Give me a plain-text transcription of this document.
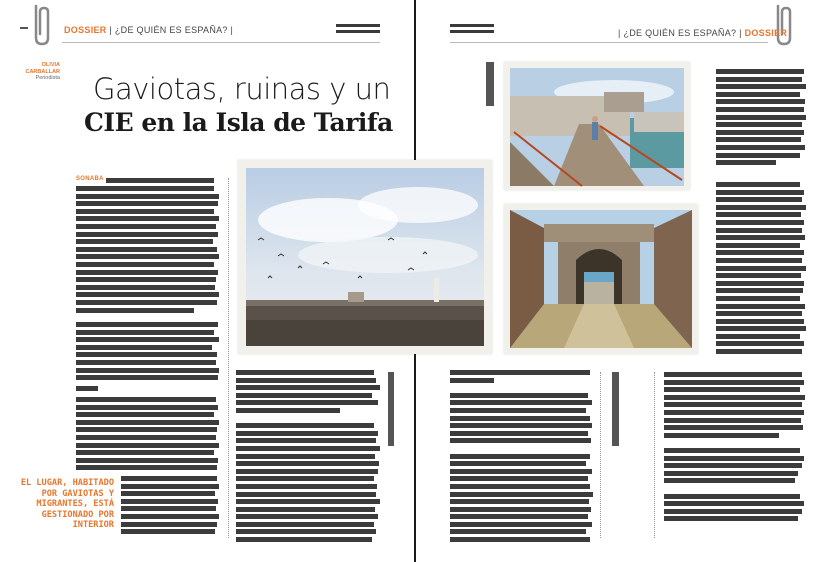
DOSSIER | ¿DE QUIÉN ES ESPAÑA? |	| ¿DE QUIÉN ES ESPAÑA? | DOSSIER
OLIVIA
CARBALLAR
Periodista Gaviotas, ruinas y un
CIE en la Isla de Tarifa
SONABA
EL LUGAR, HABITADO
POR GAVIOTAS Y
MIGRANTES, ESTÁ
GESTIONADO POR
INTERIOR
